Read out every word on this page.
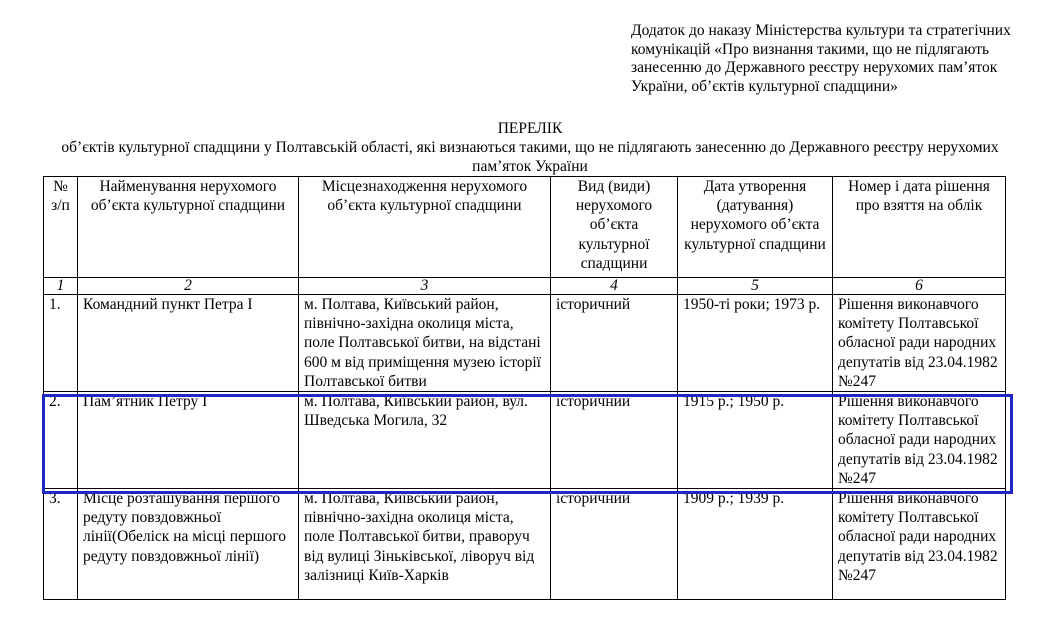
Додаток до наказу Міністерства культури та стратегічних комунікацій «Про визнання такими, що не підлягають занесенню до Державного реєстру нерухомих пам’яток України, об’єктів культурної спадщини»
ПЕРЕЛІК
об’єктів культурної спадщини у Полтавській області, які визнаються такими, що не підлягають занесенню до Державного реєстру нерухомих пам’яток України
№ з/п	Найменування нерухомого об’єкта культурної спадщини	Місцезнаходження нерухомого об’єкта культурної спадщини	Вид (види) нерухомого об’єкта культурної спадщини	Дата утворення (датування) нерухомого об’єкта культурної спадщини	Номер і дата рішення про взяття на облік
1	2	3	4	5	6
1.	Командний пункт Петра I	м. Полтава, Київський район, північно-західна околиця міста, поле Полтавської битви, на відстані 600 м від приміщення музею історії Полтавської битви	історичний	1950-ті роки; 1973 р.	Рішення виконавчого комітету Полтавської обласної ради народних депутатів від 23.04.1982 №247
2.	Пам’ятник Петру I	м. Полтава, Київський район, вул. Шведська Могила, 32	історичний	1915 р.; 1950 р.	Рішення виконавчого комітету Полтавської обласної ради народних депутатів від 23.04.1982 №247
3.	Місце розташування першого редуту повздовжньої лінії(Обеліск на місці першого редуту повздовжньої лінії)	м. Полтава, Київський район, північно-західна околиця міста, поле Полтавської битви, праворуч від вулиці Зіньківської, ліворуч від залізниці Київ-Харків	історичний	1909 р.; 1939 р.	Рішення виконавчого комітету Полтавської обласної ради народних депутатів від 23.04.1982 №247
